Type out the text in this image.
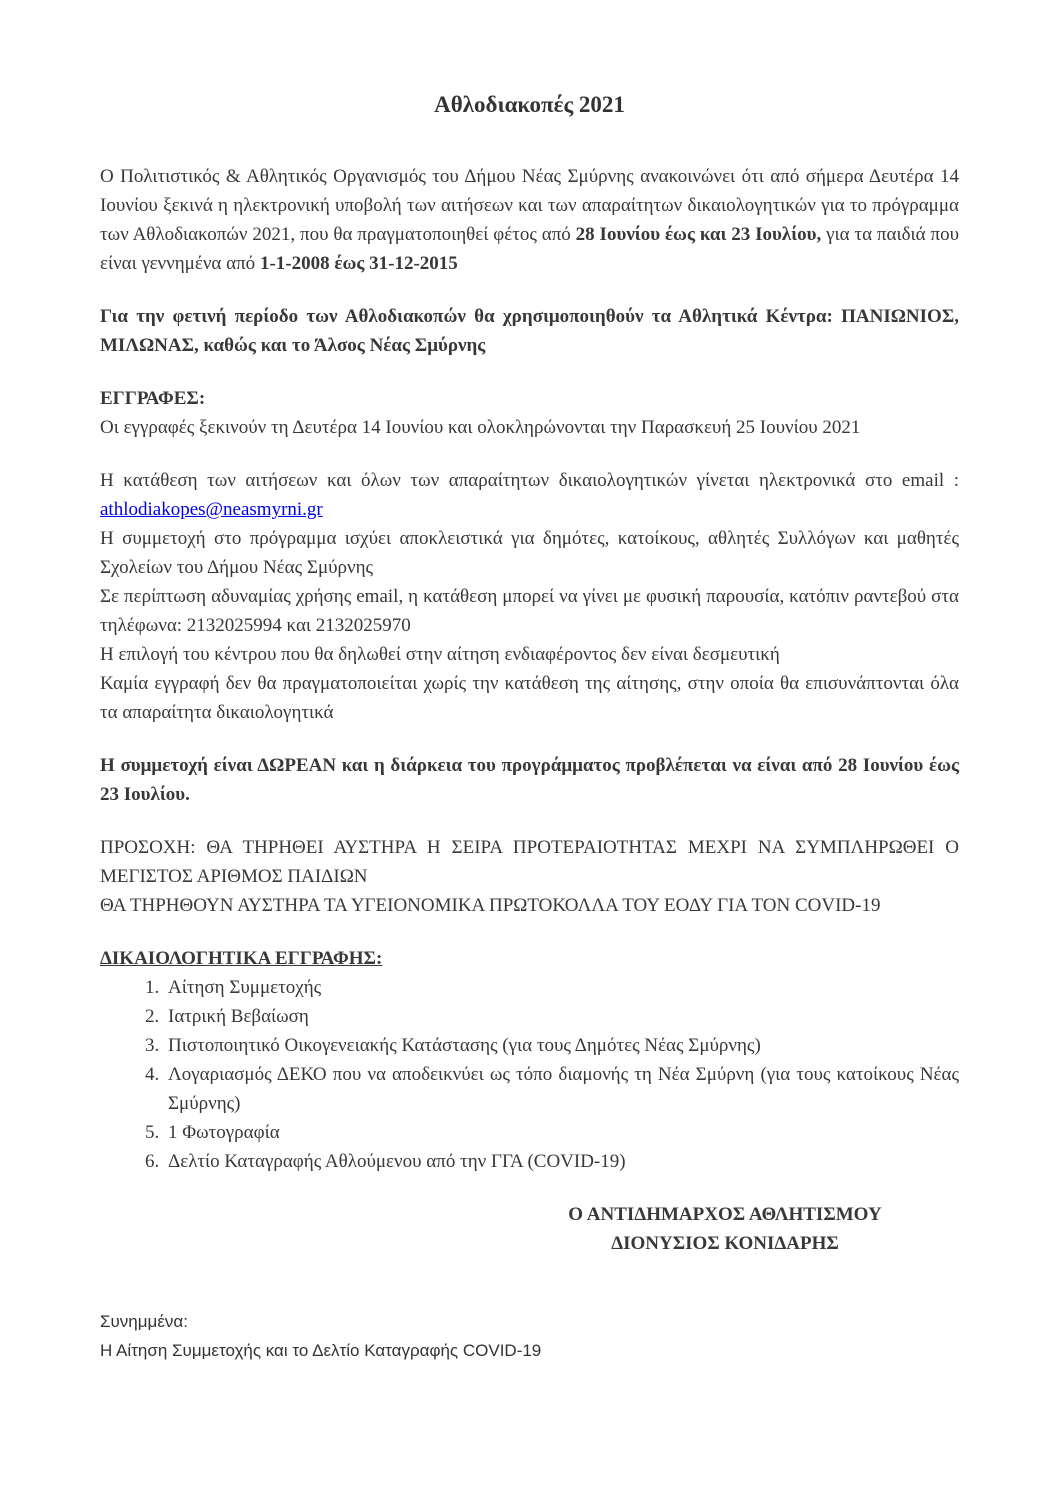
Αθλοδιακοπές 2021

Ο Πολιτιστικός & Αθλητικός Οργανισμός του Δήμου Νέας Σμύρνης ανακοινώνει ότι από σήμερα Δευτέρα 14 Ιουνίου ξεκινά η ηλεκτρονική υποβολή των αιτήσεων και των απαραίτητων δικαιολογητικών για το πρόγραμμα των Αθλοδιακοπών 2021, που θα πραγματοποιηθεί φέτος από 28 Ιουνίου έως και 23 Ιουλίου, για τα παιδιά που είναι γεννημένα από 1-1-2008 έως 31-12-2015

Για την φετινή περίοδο των Αθλοδιακοπών θα χρησιμοποιηθούν τα Αθλητικά Κέντρα: ΠΑΝΙΩΝΙΟΣ, ΜΙΛΩΝΑΣ, καθώς και το Άλσος Νέας Σμύρνης

ΕΓΓΡΑΦΕΣ:

Οι εγγραφές ξεκινούν τη Δευτέρα 14 Ιουνίου και ολοκληρώνονται την Παρασκευή 25 Ιουνίου 2021

Η κατάθεση των αιτήσεων και όλων των απαραίτητων δικαιολογητικών γίνεται ηλεκτρονικά στο email : athlodiakopes@neasmyrni.gr

Η συμμετοχή στο πρόγραμμα ισχύει αποκλειστικά για δημότες, κατοίκους, αθλητές Συλλόγων και μαθητές Σχολείων του Δήμου Νέας Σμύρνης

Σε περίπτωση αδυναμίας χρήσης email, η κατάθεση μπορεί να γίνει με φυσική παρουσία, κατόπιν ραντεβού στα τηλέφωνα: 2132025994 και 2132025970

Η επιλογή του κέντρου που θα δηλωθεί στην αίτηση ενδιαφέροντος δεν είναι δεσμευτική

Καμία εγγραφή δεν θα πραγματοποιείται χωρίς την κατάθεση της αίτησης, στην οποία θα επισυνάπτονται όλα τα απαραίτητα δικαιολογητικά

Η συμμετοχή είναι ΔΩΡΕΑΝ και η διάρκεια του προγράμματος προβλέπεται να είναι από 28 Ιουνίου έως 23 Ιουλίου.

ΠΡΟΣΟΧΗ: ΘΑ ΤΗΡΗΘΕΙ ΑΥΣΤΗΡΑ Η ΣΕΙΡΑ ΠΡΟΤΕΡΑΙΟΤΗΤΑΣ ΜΕΧΡΙ ΝΑ ΣΥΜΠΛΗΡΩΘΕΙ Ο ΜΕΓΙΣΤΟΣ ΑΡΙΘΜΟΣ ΠΑΙΔΙΩΝ

ΘΑ ΤΗΡΗΘΟΥΝ ΑΥΣΤΗΡΑ ΤΑ ΥΓΕΙΟΝΟΜΙΚΑ ΠΡΩΤΟΚΟΛΛΑ ΤΟΥ ΕΟΔΥ ΓΙΑ ΤΟΝ COVID-19

ΔΙΚΑΙΟΛΟΓΗΤΙΚΑ ΕΓΓΡΑΦΗΣ:

1. Αίτηση Συμμετοχής
2. Ιατρική Βεβαίωση
3. Πιστοποιητικό Οικογενειακής Κατάστασης (για τους Δημότες Νέας Σμύρνης)
4. Λογαριασμός ΔΕΚΟ που να αποδεικνύει ως τόπο διαμονής τη Νέα Σμύρνη (για τους κατοίκους Νέας Σμύρνης)
5. 1 Φωτογραφία
6. Δελτίο Καταγραφής Αθλούμενου από την ΓΓΑ (COVID-19)
Ο ΑΝΤΙΔΗΜΑΡΧΟΣ ΑΘΛΗΤΙΣΜΟΥ
ΔΙΟΝΥΣΙΟΣ ΚΟΝΙΔΑΡΗΣ

Συνημμένα:

Η Αίτηση Συμμετοχής και το Δελτίο Καταγραφής COVID-19
